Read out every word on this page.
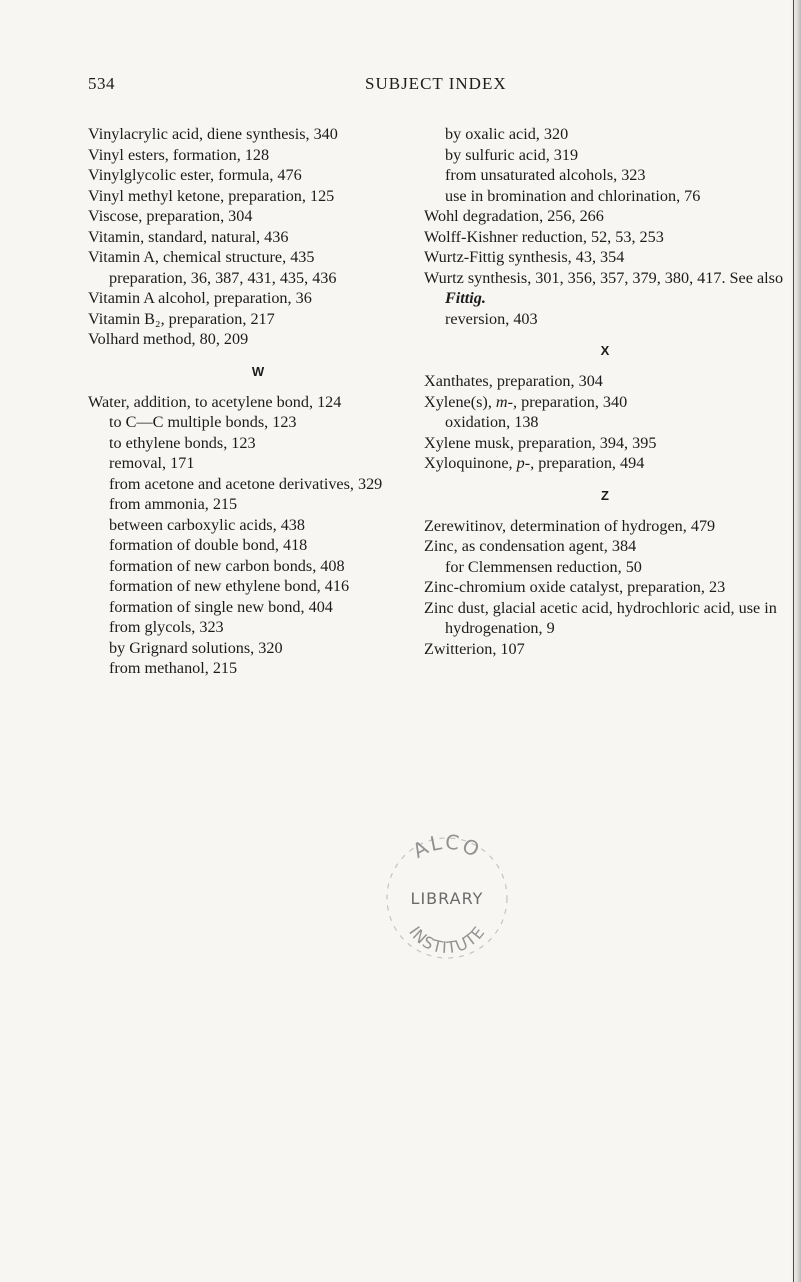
534	SUBJECT INDEX

Vinylacrylic acid, diene synthesis, 340

Vinyl esters, formation, 128

Vinylglycolic ester, formula, 476

Vinyl methyl ketone, preparation, 125

Viscose, preparation, 304

Vitamin, standard, natural, 436

Vitamin A, chemical structure, 435

preparation, 36, 387, 431, 435, 436

Vitamin A alcohol, preparation, 36

Vitamin B₂, preparation, 217

Volhard method, 80, 209

W

Water, addition, to acetylene bond, 124

to C—C multiple bonds, 123

to ethylene bonds, 123

removal, 171

from acetone and acetone derivatives, 329

from ammonia, 215

between carboxylic acids, 438

formation of double bond, 418

formation of new carbon bonds, 408

formation of new ethylene bond, 416

formation of single new bond, 404

from glycols, 323

by Grignard solutions, 320

from methanol, 215

by oxalic acid, 320

by sulfuric acid, 319

from unsaturated alcohols, 323

use in bromination and chlorination, 76

Wohl degradation, 256, 266

Wolff-Kishner reduction, 52, 53, 253

Wurtz-Fittig synthesis, 43, 354

Wurtz synthesis, 301, 356, 357, 379, 380, 417. See also Fittig.

reversion, 403

X

Xanthates, preparation, 304

Xylene(s), m-, preparation, 340

oxidation, 138

Xylene musk, preparation, 394, 395

Xyloquinone, p-, preparation, 494

Z

Zerewitinov, determination of hydrogen, 479

Zinc, as condensation agent, 384

for Clemmensen reduction, 50

Zinc-chromium oxide catalyst, preparation, 23

Zinc dust, glacial acetic acid, hydrochloric acid, use in hydrogenation, 9

Zwitterion, 107

ALCO
LIBRARY
INSTITUTE
